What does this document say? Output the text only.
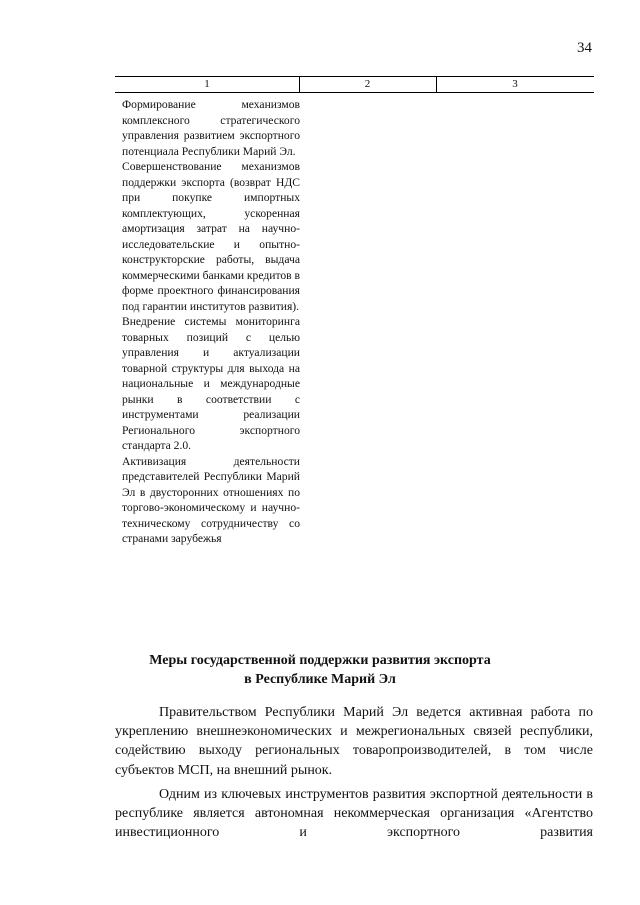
34
1	2	3

Формирование механизмов комплексного стратегического управления развитием экспортного потенциала Республики Марий Эл.

Совершенствование механизмов поддержки экспорта (возврат НДС при покупке импортных комплектующих, ускоренная амортизация затрат на научно-исследовательские и опытно-конструкторские работы, выдача коммерческими банками кредитов в форме проектного финансирования под гарантии институтов развития).

Внедрение системы мониторинга товарных позиций с целью управления и актуализации товарной структуры для выхода на национальные и международные рынки в соответствии с инструментами реализации Регионального экспортного стандарта 2.0.

Активизация деятельности представителей Республики Марий Эл в двусторонних отношениях по торгово-экономическому и научно-техническому сотрудничеству со странами зарубежья

Меры государственной поддержки развития экспорта
в Республике Марий Эл

Правительством Республики Марий Эл ведется активная работа по укреплению внешнеэкономических и межрегиональных связей республики, содействию выходу региональных товаропроизводителей, в том числе субъектов МСП, на внешний рынок.

Одним из ключевых инструментов развития экспортной деятельности в республике является автономная некоммерческая организация «Агентство инвестиционного и экспортного развития
